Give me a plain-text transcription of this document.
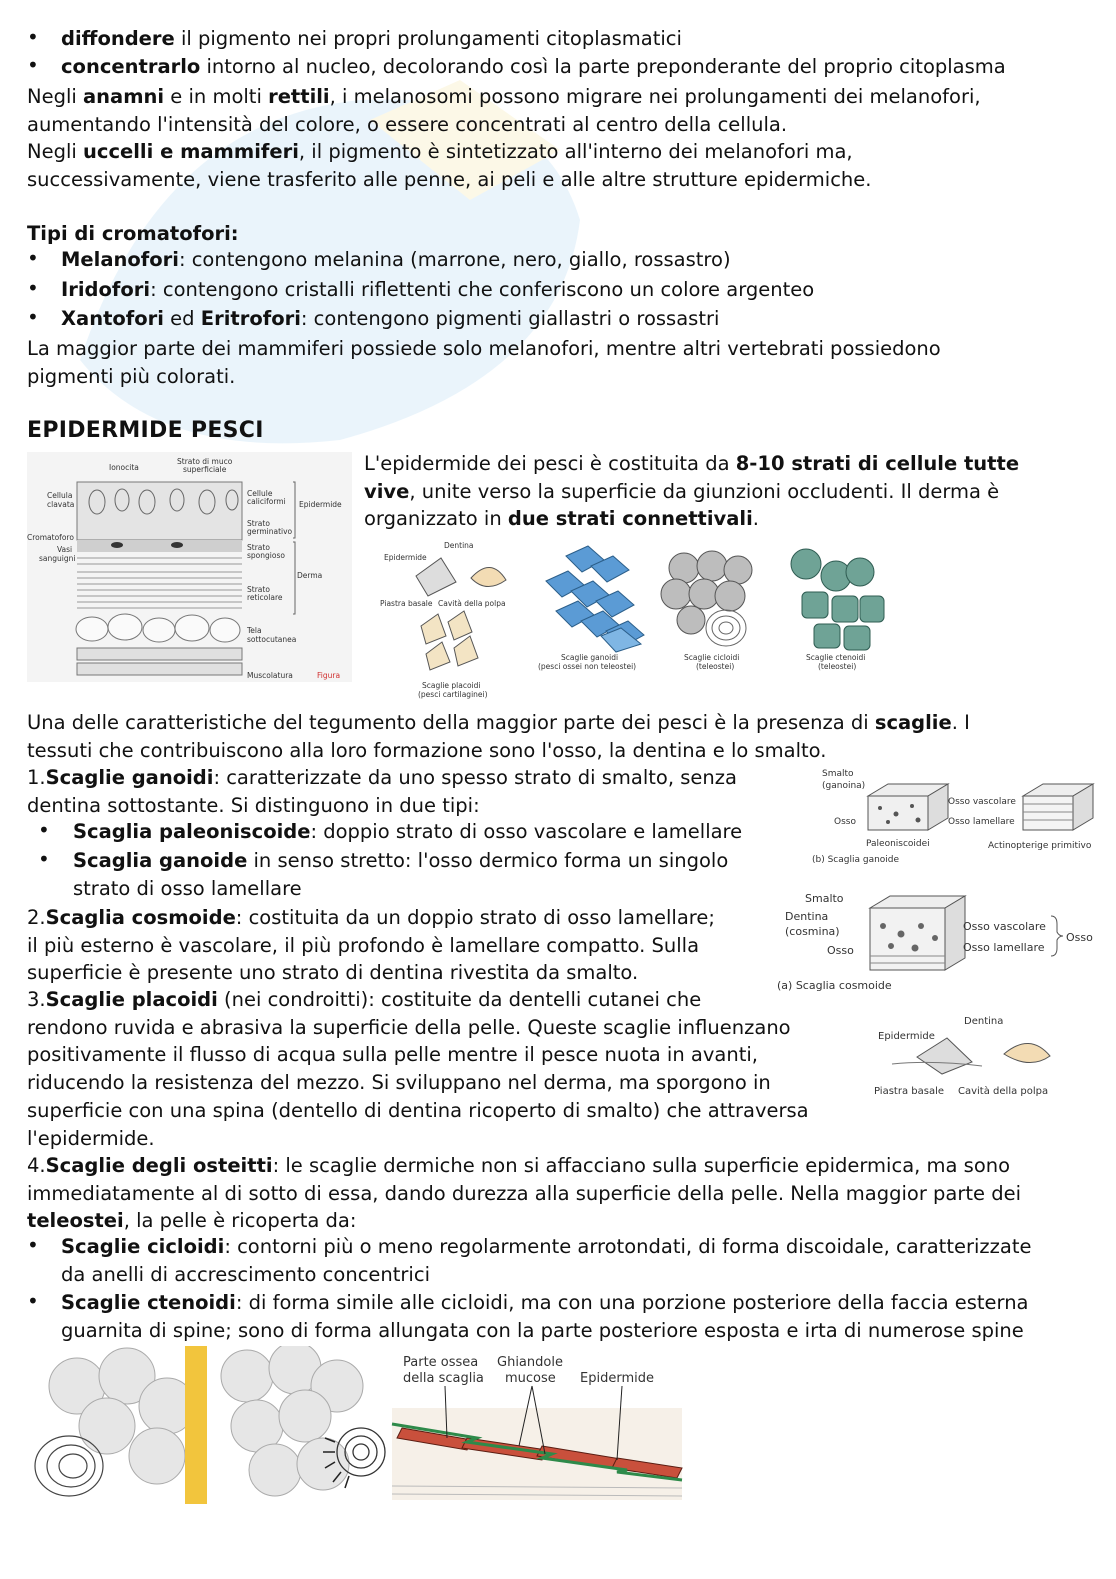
• diffondere il pigmento nei propri prolungamenti citoplasmatici
• concentrarlo intorno al nucleo, decolorando così la parte preponderante del proprio citoplasma
Negli anamni e in molti rettili, i melanosomi possono migrare nei prolungamenti dei melanofori,
aumentando l'intensità del colore, o essere concentrati al centro della cellula.
Negli uccelli e mammiferi, il pigmento è sintetizzato all'interno dei melanofori ma,
successivamente, viene trasferito alle penne, ai peli e alle altre strutture epidermiche.
Tipi di cromatofori:
• Melanofori: contengono melanina (marrone, nero, giallo, rossastro)
• Iridofori: contengono cristalli riflettenti che conferiscono un colore argenteo
• Xantofori ed Eritrofori: contengono pigmenti giallastri o rossastri
La maggior parte dei mammiferi possiede solo melanofori, mentre altri vertebrati possiedono
pigmenti più colorati.
EPIDERMIDE PESCI
Ionocita
Strato di muco
superficiale
Cellula
clavata
Cromatoforo
Vasi
sanguigni
Cellule
caliciformi
Strato
germinativo
Strato
spongioso
Strato
reticolare
Tela
sottocutanea
Muscolatura
Epidermide
Derma
Figura
L'epidermide dei pesci è costituita da 8-10 strati di cellule tutte
vive, unite verso la superficie da giunzioni occludenti. Il derma è
organizzato in due strati connettivali.
Dentina
Epidermide
Piastra basale Cavità della polpa
Scaglie placoidi
(pesci cartilaginei)
Scaglie ganoidi
(pesci ossei non teleostei)
Scaglie cicloidi
(teleostei)
Scaglie ctenoidi
(teleostei)
Una delle caratteristiche del tegumento della maggior parte dei pesci è la presenza di scaglie. I
tessuti che contribuiscono alla loro formazione sono l'osso, la dentina e lo smalto.
1.Scaglie ganoidi: caratterizzate da uno spesso strato di smalto, senza
dentina sottostante. Si distinguono in due tipi:
• Scaglia paleoniscoide: doppio strato di osso vascolare e lamellare
• Scaglia ganoide in senso stretto: l'osso dermico forma un singolo
strato di osso lamellare
Smalto
(ganoina)
Osso
Paleoniscoidei
Osso vascolare
Osso lamellare
Actinopterige primitivo
(b) Scaglia ganoide
2.Scaglia cosmoide: costituita da un doppio strato di osso lamellare;
il più esterno è vascolare, il più profondo è lamellare compatto. Sulla
superficie è presente uno strato di dentina rivestita da smalto.
Smalto
Dentina
(cosmina)
Osso
Osso vascolare
Osso lamellare
Osso
(a) Scaglia cosmoide
3.Scaglie placoidi (nei condroitti): costituite da dentelli cutanei che
rendono ruvida e abrasiva la superficie della pelle. Queste scaglie influenzano
positivamente il flusso di acqua sulla pelle mentre il pesce nuota in avanti,
riducendo la resistenza del mezzo. Si sviluppano nel derma, ma sporgono in
superficie con una spina (dentello di dentina ricoperto di smalto) che attraversa
l'epidermide.
Dentina
Epidermide
Piastra basale Cavità della polpa
4.Scaglie degli osteitti: le scaglie dermiche non si affacciano sulla superficie epidermica, ma sono
immediatamente al di sotto di essa, dando durezza alla superficie della pelle. Nella maggior parte dei
teleostei, la pelle è ricoperta da:
• Scaglie cicloidi: contorni più o meno regolarmente arrotondati, di forma discoidale, caratterizzate
da anelli di accrescimento concentrici
• Scaglie ctenoidi: di forma simile alle cicloidi, ma con una porzione posteriore della faccia esterna
guarnita di spine; sono di forma allungata con la parte posteriore esposta e irta di numerose spine
Parte ossea
della scaglia
Ghiandole
mucose Epidermide
